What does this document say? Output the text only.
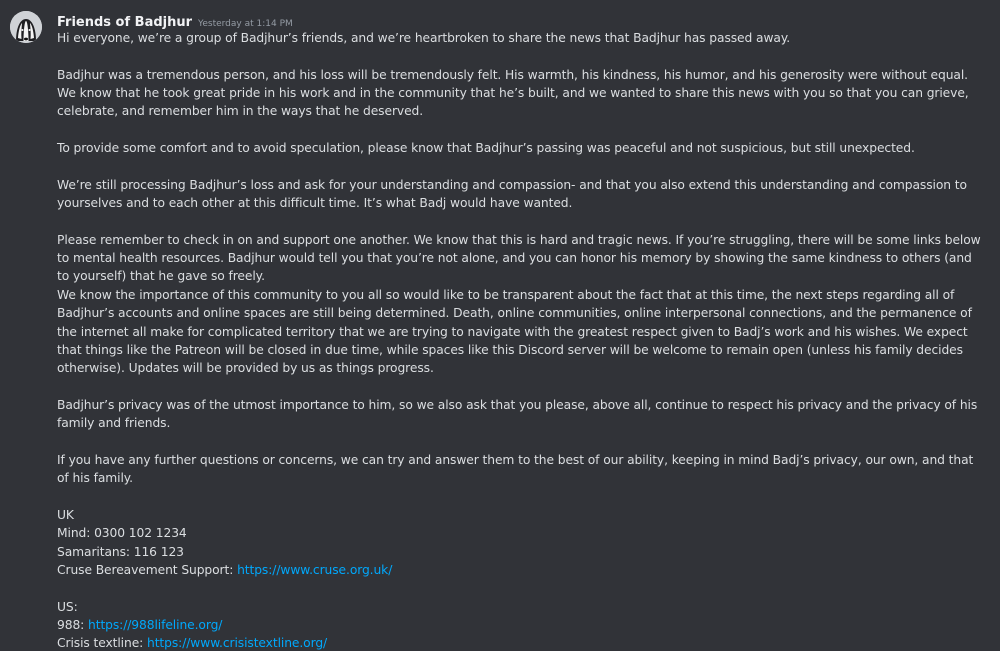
Friends of Badjhur Yesterday at 1:14 PM

Hi everyone, we’re a group of Badjhur’s friends, and we’re heartbroken to share the news that Badjhur has passed away.

Badjhur was a tremendous person, and his loss will be tremendously felt. His warmth, his kindness, his humor, and his generosity were without equal. We know that he took great pride in his work and in the community that he’s built, and we wanted to share this news with you so that you can grieve, celebrate, and remember him in the ways that he deserved.

To provide some comfort and to avoid speculation, please know that Badjhur’s passing was peaceful and not suspicious, but still unexpected.

We’re still processing Badjhur’s loss and ask for your understanding and compassion- and that you also extend this understanding and compassion to yourselves and to each other at this difficult time. It’s what Badj would have wanted.

Please remember to check in on and support one another. We know that this is hard and tragic news. If you’re struggling, there will be some links below to mental health resources. Badjhur would tell you that you’re not alone, and you can honor his memory by showing the same kindness to others (and to yourself) that he gave so freely.

We know the importance of this community to you all so would like to be transparent about the fact that at this time, the next steps regarding all of Badjhur’s accounts and online spaces are still being determined. Death, online communities, online interpersonal connections, and the permanence of the internet all make for complicated territory that we are trying to navigate with the greatest respect given to Badj’s work and his wishes. We expect that things like the Patreon will be closed in due time, while spaces like this Discord server will be welcome to remain open (unless his family decides otherwise). Updates will be provided by us as things progress.

Badjhur’s privacy was of the utmost importance to him, so we also ask that you please, above all, continue to respect his privacy and the privacy of his family and friends.

If you have any further questions or concerns, we can try and answer them to the best of our ability, keeping in mind Badj’s privacy, our own, and that of his family.

UK

Mind: 0300 102 1234

Samaritans: 116 123

Cruse Bereavement Support: https://www.cruse.org.uk/

US:

988: https://988lifeline.org/

Crisis textline: https://www.crisistextline.org/
